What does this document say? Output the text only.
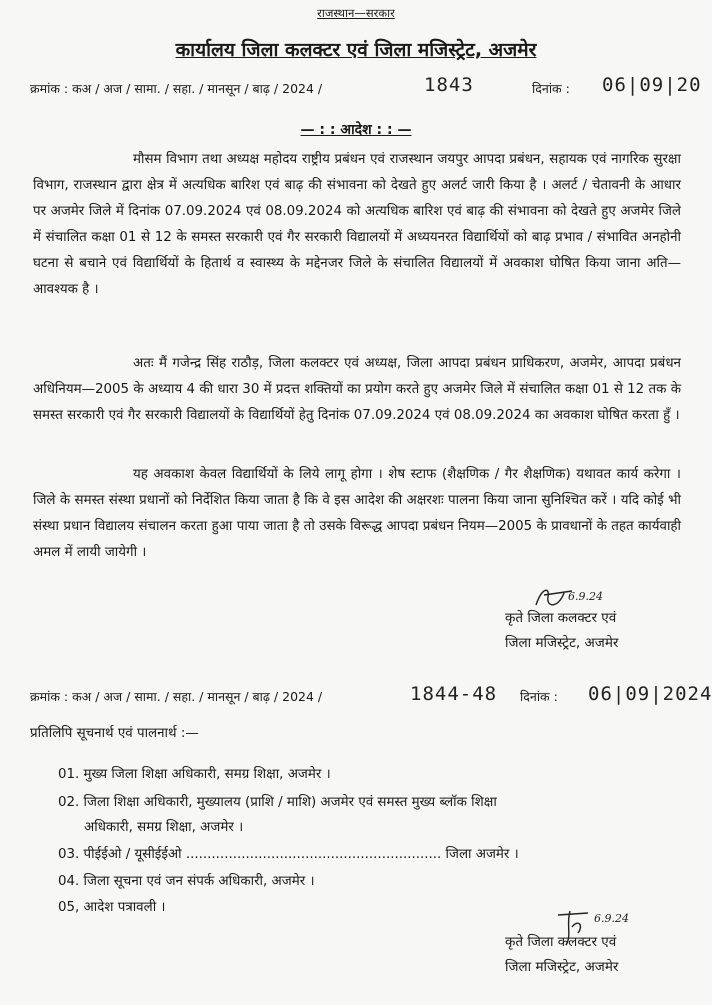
राजस्थान—सरकार
कार्यालय जिला कलक्टर एवं जिला मजिस्ट्रेट, अजमेर
क्रमांक : कअ / अज / सामा. / सहा. / मानसून / बाढ़ / 2024 /	1843	दिनांक : 06|09|20
— : : आदेश : : —
मौसम विभाग तथा अध्यक्ष महोदय राष्ट्रीय प्रबंधन एवं राजस्थान जयपुर आपदा प्रबंधन, सहायक एवं नागरिक सुरक्षा विभाग, राजस्थान द्वारा क्षेत्र में अत्यधिक बारिश एवं बाढ़ की संभावना को देखते हुए अलर्ट जारी किया है । अलर्ट / चेतावनी के आधार पर अजमेर जिले में दिनांक 07.09.2024 एवं 08.09.2024 को अत्यधिक बारिश एवं बाढ़ की संभावना को देखते हुए अजमेर जिले में संचालित कक्षा 01 से 12 के समस्त सरकारी एवं गैर सरकारी विद्यालयों में अध्ययनरत विद्यार्थियों को बाढ़ प्रभाव / संभावित अनहोनी घटना से बचाने एवं विद्यार्थियों के हितार्थ व स्वास्थ्य के मद्देनजर जिले के संचालित विद्यालयों में अवकाश घोषित किया जाना अति—आवश्यक है ।
अतः मैं गजेन्द्र सिंह राठौड़, जिला कलक्टर एवं अध्यक्ष, जिला आपदा प्रबंधन प्राधिकरण, अजमेर, आपदा प्रबंधन अधिनियम—2005 के अध्याय 4 की धारा 30 में प्रदत्त शक्तियों का प्रयोग करते हुए अजमेर जिले में संचालित कक्षा 01 से 12 तक के समस्त सरकारी एवं गैर सरकारी विद्यालयों के विद्यार्थियों हेतु दिनांक 07.09.2024 एवं 08.09.2024 का अवकाश घोषित करता हुँ ।
यह अवकाश केवल विद्यार्थियों के लिये लागू होगा । शेष स्टाफ (शैक्षणिक / गैर शैक्षणिक) यथावत कार्य करेगा । जिले के समस्त संस्था प्रधानों को निर्देशित किया जाता है कि वे इस आदेश की अक्षरशः पालना किया जाना सुनिश्चित करें । यदि कोई भी संस्था प्रधान विद्यालय संचालन करता हुआ पाया जाता है तो उसके विरूद्ध आपदा प्रबंधन नियम—2005 के प्रावधानों के तहत कार्यवाही अमल में लायी जायेगी ।
6.9.24
कृते जिला कलक्टर एवं
जिला मजिस्ट्रेट, अजमेर
क्रमांक : कअ / अज / सामा. / सहा. / मानसून / बाढ़ / 2024 /	1844-48 दिनांक : 06|09|2024
प्रतिलिपि सूचनार्थ एवं पालनार्थ :—
01. मुख्य जिला शिक्षा अधिकारी, समग्र शिक्षा, अजमेर ।
02. जिला शिक्षा अधिकारी, मुख्यालय (प्राशि / माशि) अजमेर एवं समस्त मुख्य ब्लॉक शिक्षा
अधिकारी, समग्र शिक्षा, अजमेर ।
03. पीईईओ / यूसीईईओ ............................................................ जिला अजमेर ।
04. जिला सूचना एवं जन संपर्क अधिकारी, अजमेर ।
05, आदेश पत्रावली ।
6.9.24
कृते जिला कलक्टर एवं
जिला मजिस्ट्रेट, अजमेर
